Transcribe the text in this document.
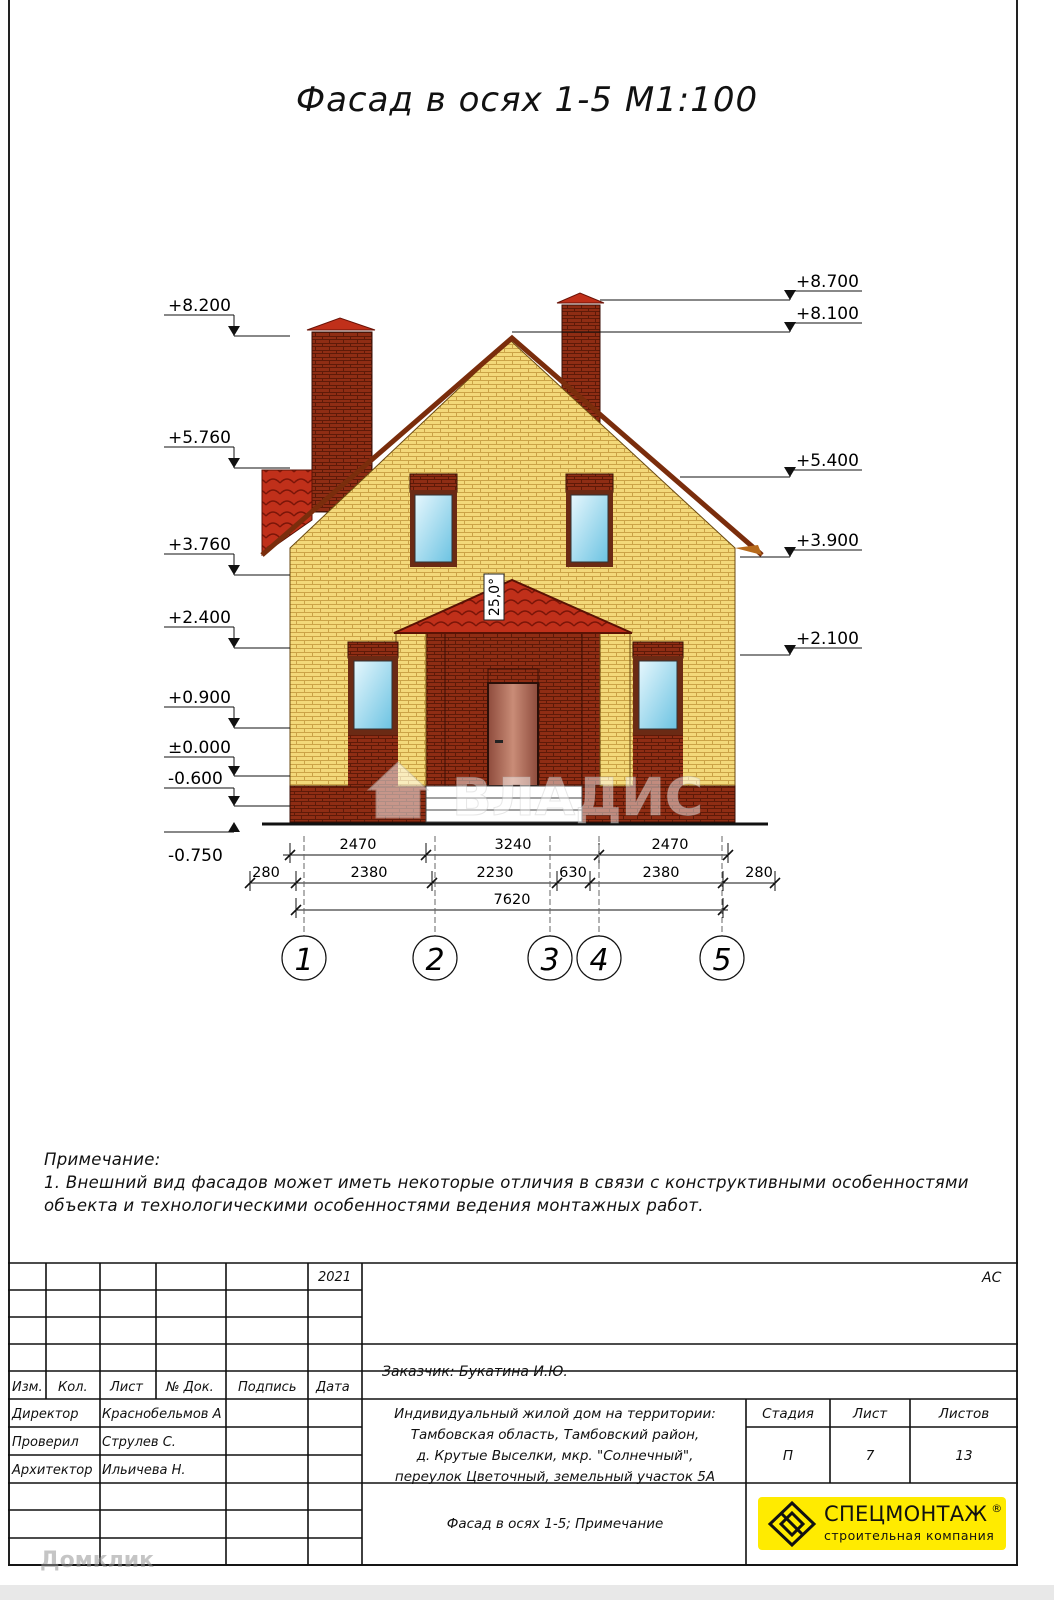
Фасад в осях 1-5 М1:100
25,0°
ВЛАДИС
+8.200
+5.760
+3.760
+2.400
+0.900
±0.000
-0.600
-0.750
+8.700
+8.100
+5.400
+3.900
+2.100
2470	3240	2470
280	2380	2230	630	2380	280
7620
1	2	3 4	5
Примечание:
1. Внешний вид фасадов может иметь некоторые отличия в связи с конструктивными особенностями
объекта и технологическими особенностями ведения монтажных работ.
2021	АС
Изм. Кол. Лист № Док. Подпись Дата
Директор Краснобельмов А
Проверил Струлев С.
Архитектор Ильичева Н.
Заказчик: Букатина И.Ю.
Индивидуальный жилой дом на территории:
Тамбовская область, Тамбовский район,
д. Крутые Выселки, мкр. "Солнечный",
переулок Цветочный, земельный участок 5А
Стадия	Лист	Листов
П	7	13
Фасад в осях 1-5; Примечание	СПЕЦМОНТАЖ ®
строительная компания
Домклик
